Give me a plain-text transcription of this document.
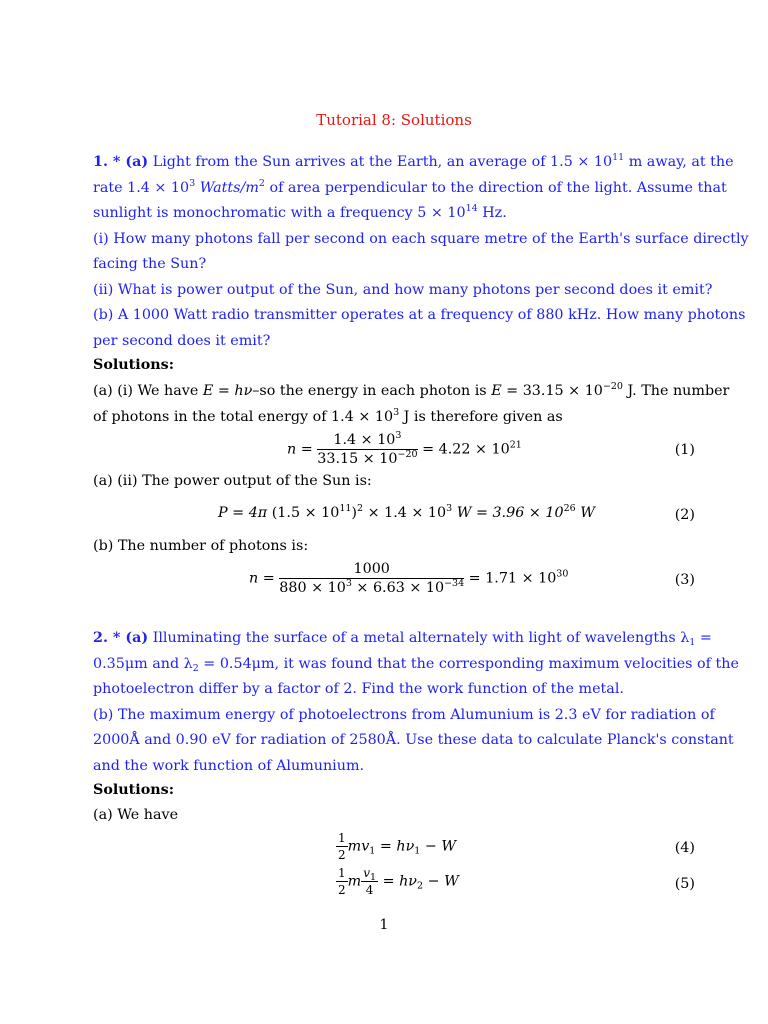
Tutorial 8: Solutions
1. * (a) Light from the Sun arrives at the Earth, an average of $1.5 \times 10^{11}$ m away, at the
rate $1.4 \times 10^3$ Watts/$m^2$ of area perpendicular to the direction of the light. Assume that
sunlight is monochromatic with a frequency $5 \times 10^{14}$ Hz.
(i) How many photons fall per second on each square metre of the Earth's surface directly
facing the Sun?
(ii) What is power output of the Sun, and how many photons per second does it emit?
(b) A 1000 Watt radio transmitter operates at a frequency of 880 kHz. How many photons
per second does it emit?
Solutions:
(a) (i) We have E = hν–so the energy in each photon is $E = 33.15 \times 10^{-20}$ J. The number
of photons in the total energy of $1.4 \times 10^3$ J is therefore given as
$n = \frac{1.4 \times 10^3}{33.15 \times 10^{-20}} = 4.22 \times 10^{21}$	(1)
(a) (ii) The power output of the Sun is:
P = 4π $(1.5 \times 10^{11})^2 \times 1.4 \times 10^3$ $W = 3.96 \times 10^{26}$ W	(2)
(b) The number of photons is:
$n = \frac{1000}{880 \times 10^3 \times 6.63 \times 10^{-34}} = 1.71 \times 10^{30}$	(3)
2. * (a) Illuminating the surface of a metal alternately with light of wavelengths $\lambda_1$ =
0.35μm and $\lambda_2 = 0.54\mu m$, it was found that the corresponding maximum velocities of the
photoelectron differ by a factor of 2. Find the work function of the metal.
(b) The maximum energy of photoelectrons from Alumunium is 2.3 eV for radiation of
2000Å and 0.90 eV for radiation of 2580Å. Use these data to calculate Planck's constant
and the work function of Alumunium.
Solutions:
(a) We have
$\frac{1}{2} mv_1 = h\nu_1 - W$	(4)
$\frac{1}{2}$ m $\frac{v_1}{4} = h\nu_2 - W$	(5)
1
